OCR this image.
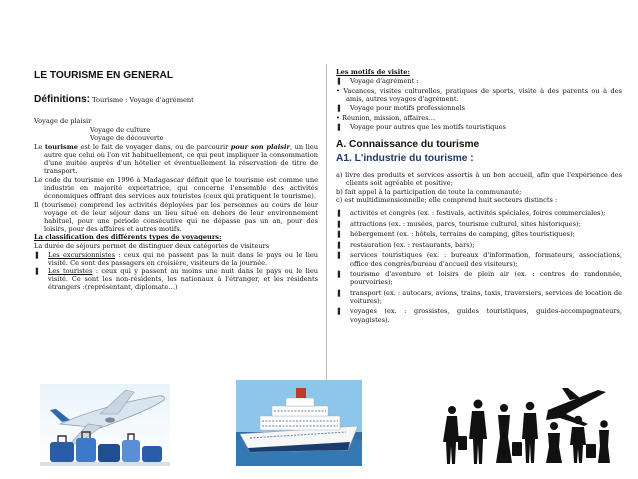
LE TOURISME EN GENERAL
Définitions: Tourisme : Voyage d'agrément
Voyage de plaisir
Voyage de culture
Voyage de découverte
Le tourisme est le fait de voyager dans, ou de parcourir pour son plaisir, un lieu autre que celui où l'on vit habituellement, ce qui peut impliquer la consommation d'une nuitée auprès d'un hôtelier et éventuellement la réservation de titre de transport.
Le code du tourisme en 1996 à Madagascar définit que le tourisme est comme une industrie en majorité exportatrice, qui concerne l'ensemble des activités économiques offrant des services aux touristes (ceux qui pratiquent le tourisme).
Il (tourisme) comprend les activités déployées par les personnes au cours de leur voyage et de leur séjour dans un lieu situé en dehors de leur environnement habituel, pour une période consécutive qui ne dépasse pas un an, pour des loisirs, pour des affaires et autres motifs.
La classification des différents types de voyageurs:
La durée de séjours permet de distinguer deux catégories de visiteurs
❚	Les excursionnistes : ceux qui ne passent pas la nuit dans le pays ou le lieu visité. Ce sont des passagers en croisière, visiteurs de la journée.
❚	Les touristes : ceux qui y passent au moins une nuit dans le pays ou le lieu visité. Ce sont les non-résidents, les nationaux à l'étranger, et les résidents étrangers :(représentant, diplomate…)
Les motifs de visite:
❚	Voyage d'agrément :
• Vacances, visites culturelles, pratiques de sports, visite à des parents ou à des amis, autres voyages d'agrément.
❚	Voyage pour motifs professionnels
• Réunion, mission, affaires…
❚	Voyage pour autres que les motifs touristiques
A. Connaissance du tourisme
A1. L'industrie du tourisme :
a) livre des produits et services assortis à un bon accueil, afin que l'expérience des clients soit agréable et positive;
b) fait appel à la participation de toute la communauté;
c) est multidimensionnelle; elle comprend huit secteurs distincts :
❚	activités et congrès (ex. : festivals, activités spéciales, foires commerciales);
❚	attractions (ex. : musées, parcs, tourisme culturel, sites historiques);
❚	hébergement (ex. : hôtels, terrains de camping, gîtes touristiques);
❚	restauration (ex. : restaurants, bars);
❚	services touristiques (ex. : bureaux d'information, formateurs, associations, office des congrès/bureau d'accueil des visiteurs);
❚	tourisme d'aventure et loisirs de plein air (ex. : centres de randonnée, pourvoiries);
❚	transport (ex. : autocars, avions, trains, taxis, traversiers, services de location de voitures);
❚	voyages (ex. : grossistes, guides touristiques, guides-accompagnateurs, voyagistes).
